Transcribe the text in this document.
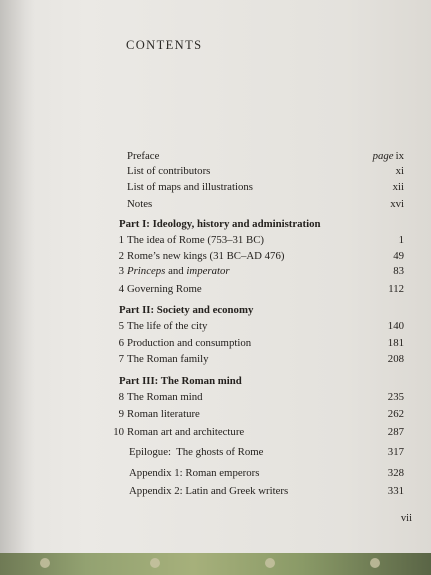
CONTENTS
Preface	page ix
List of contributors	xi
List of maps and illustrations	xii
Notes	xvi
Part I: Ideology, history and administration
1 The idea of Rome (753–31 BC)	1
2 Rome’s new kings (31 BC–AD 476)	49
3 Princeps and imperator	83
4 Governing Rome	112
Part II: Society and economy
5 The life of the city	140
6 Production and consumption	181
7 The Roman family	208
Part III: The Roman mind
8 The Roman mind	235
9 Roman literature	262
10 Roman art and architecture	287
Epilogue:  The ghosts of Rome	317
Appendix 1: Roman emperors	328
Appendix 2: Latin and Greek writers	331
vii
